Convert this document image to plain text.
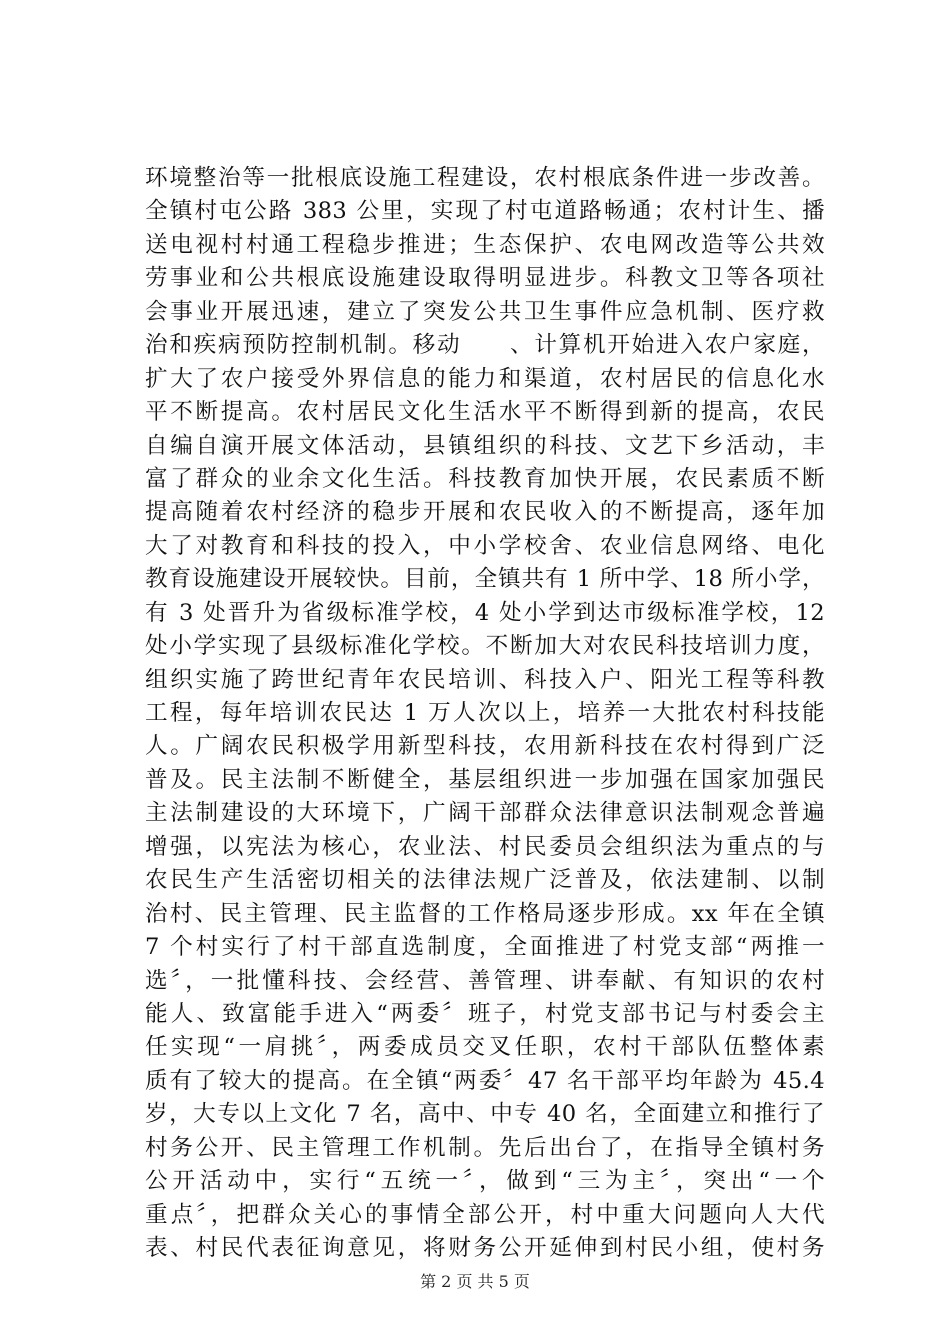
环境整治等一批根底设施工程建设，农村根底条件进一步改善。
全镇村屯公路 383 公里，实现了村屯道路畅通；农村计生、播
送电视村村通工程稳步推进；生态保护、农电网改造等公共效
劳事业和公共根底设施建设取得明显进步。科教文卫等各项社
会事业开展迅速，建立了突发公共卫生事件应急机制、医疗救
治和疾病预防控制机制。移动　　、计算机开始进入农户家庭，
扩大了农户接受外界信息的能力和渠道，农村居民的信息化水
平不断提高。农村居民文化生活水平不断得到新的提高，农民
自编自演开展文体活动，县镇组织的科技、文艺下乡活动，丰
富了群众的业余文化生活。科技教育加快开展，农民素质不断
提高随着农村经济的稳步开展和农民收入的不断提高，逐年加
大了对教育和科技的投入，中小学校舍、农业信息网络、电化
教育设施建设开展较快。目前，全镇共有 1 所中学、18 所小学，
有 3 处晋升为省级标准学校，4 处小学到达市级标准学校，12
处小学实现了县级标准化学校。不断加大对农民科技培训力度，
组织实施了跨世纪青年农民培训、科技入户、阳光工程等科教
工程，每年培训农民达 1 万人次以上，培养一大批农村科技能
人。广阔农民积极学用新型科技，农用新科技在农村得到广泛
普及。民主法制不断健全，基层组织进一步加强在国家加强民
主法制建设的大环境下，广阔干部群众法律意识法制观念普遍
增强，以宪法为核心，农业法、村民委员会组织法为重点的与
农民生产生活密切相关的法律法规广泛普及，依法建制、以制
治村、民主管理、民主监督的工作格局逐步形成。xx 年在全镇
7 个村实行了村干部直选制度，全面推进了村党支部“两推一
选〞，一批懂科技、会经营、善管理、讲奉献、有知识的农村
能人、致富能手进入“两委〞班子，村党支部书记与村委会主
任实现“一肩挑〞，两委成员交叉任职，农村干部队伍整体素
质有了较大的提高。在全镇“两委〞47 名干部平均年龄为 45.4
岁，大专以上文化 7 名，高中、中专 40 名，全面建立和推行了
村务公开、民主管理工作机制。先后出台了，在指导全镇村务
公开活动中，实行“五统一〞，做到“三为主〞，突出“一个
重点〞，把群众关心的事情全部公开，村中重大问题向人大代
表、村民代表征询意见，将财务公开延伸到村民小组，使村务
第 2 页 共 5 页
